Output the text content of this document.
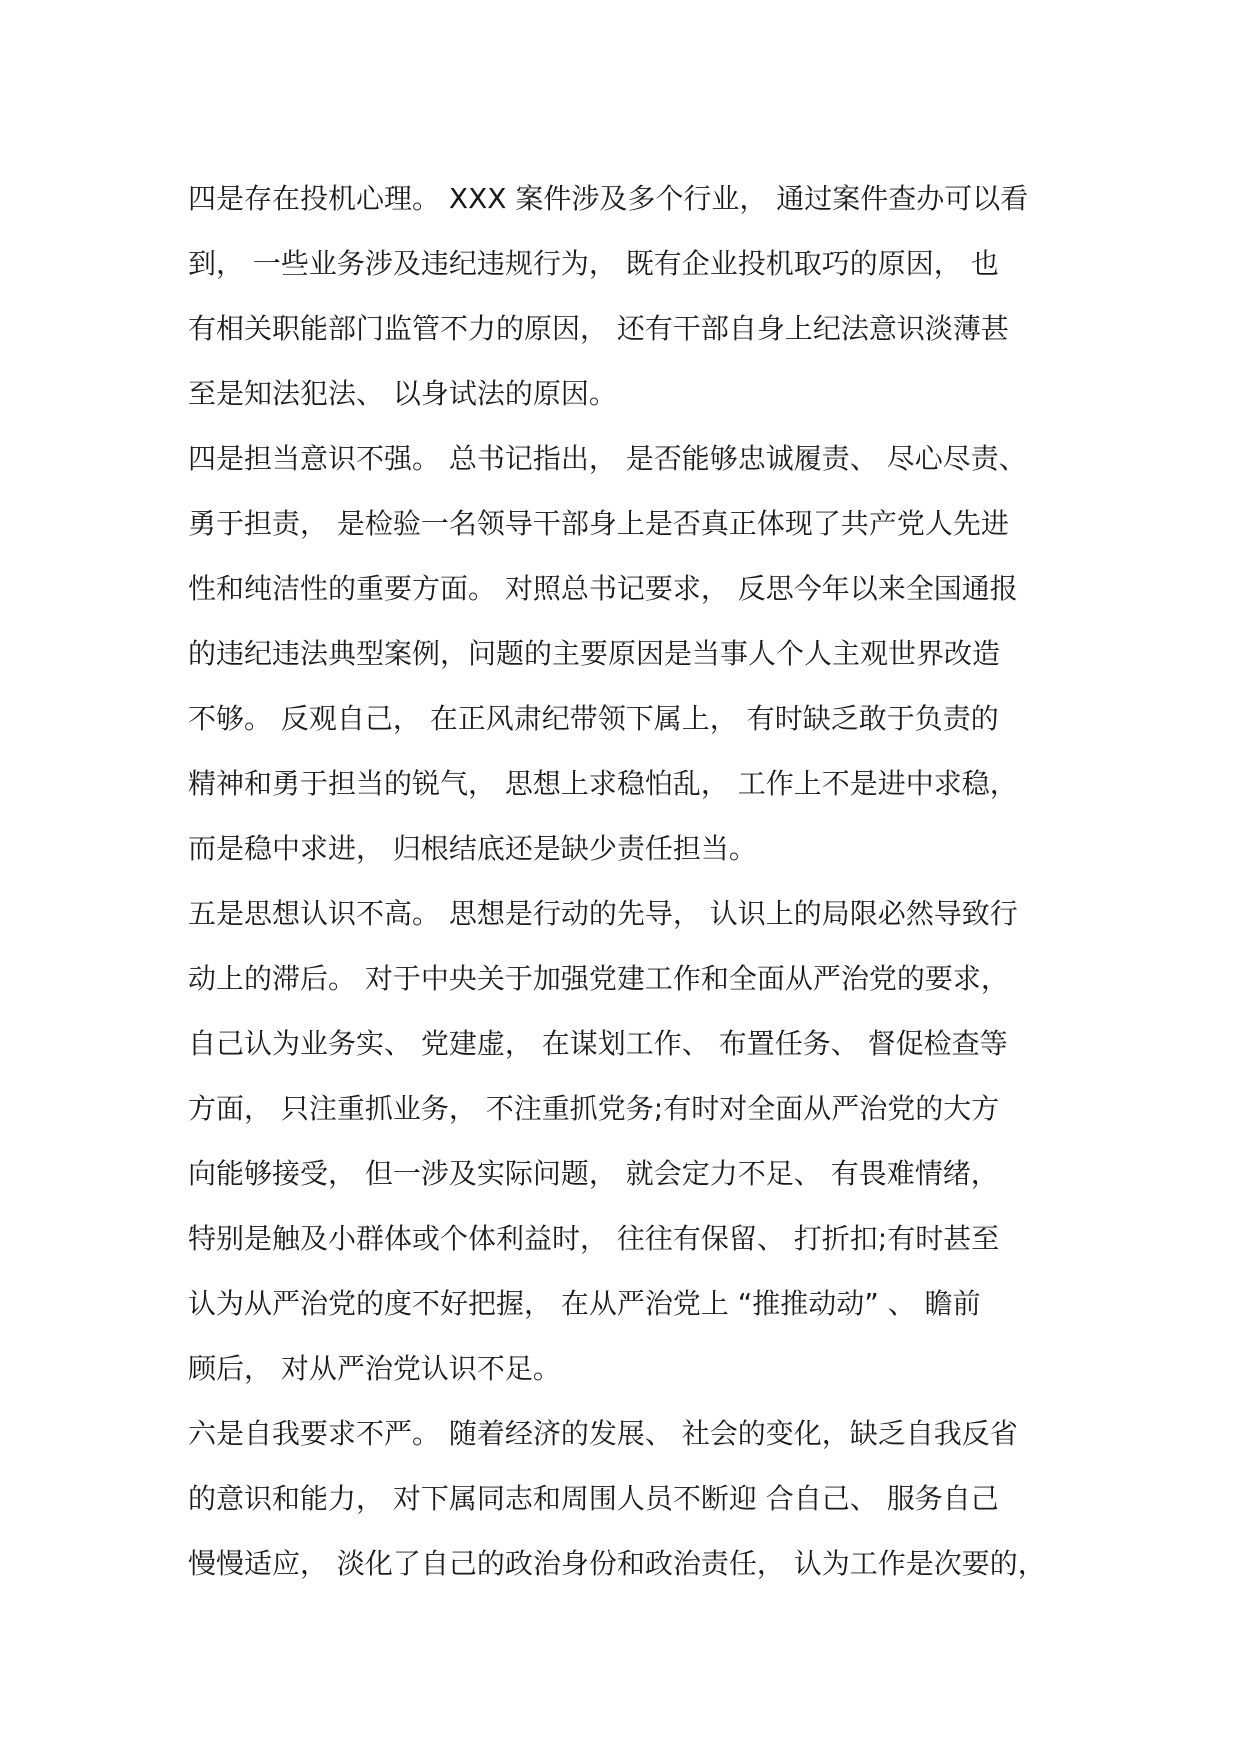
四是存在投机心理。 XXX 案件涉及多个行业， 通过案件查办可以看
到， 一些业务涉及违纪违规行为， 既有企业投机取巧的原因， 也
有相关职能部门监管不力的原因， 还有干部自身上纪法意识淡薄甚
至是知法犯法、 以身试法的原因。
四是担当意识不强。 总书记指出， 是否能够忠诚履责、 尽心尽责、
勇于担责， 是检验一名领导干部身上是否真正体现了共产党人先进
性和纯洁性的重要方面。 对照总书记要求， 反思今年以来全国通报
的违纪违法典型案例，问题的主要原因是当事人个人主观世界改造
不够。 反观自己， 在正风肃纪带领下属上， 有时缺乏敢于负责的
精神和勇于担当的锐气， 思想上求稳怕乱， 工作上不是进中求稳，
而是稳中求进， 归根结底还是缺少责任担当。
五是思想认识不高。 思想是行动的先导， 认识上的局限必然导致行
动上的滞后。 对于中央关于加强党建工作和全面从严治党的要求，
自己认为业务实、 党建虚， 在谋划工作、 布置任务、 督促检查等
方面， 只注重抓业务， 不注重抓党务;有时对全面从严治党的大方
向能够接受， 但一涉及实际问题， 就会定力不足、 有畏难情绪，
特别是触及小群体或个体利益时， 往往有保留、 打折扣;有时甚至
认为从严治党的度不好把握， 在从严治党上 “推推动动” 、 瞻前
顾后， 对从严治党认识不足。
六是自我要求不严。 随着经济的发展、 社会的变化，缺乏自我反省
的意识和能力， 对下属同志和周围人员不断迎 合自己、 服务自己
慢慢适应， 淡化了自己的政治身份和政治责任， 认为工作是次要的，
